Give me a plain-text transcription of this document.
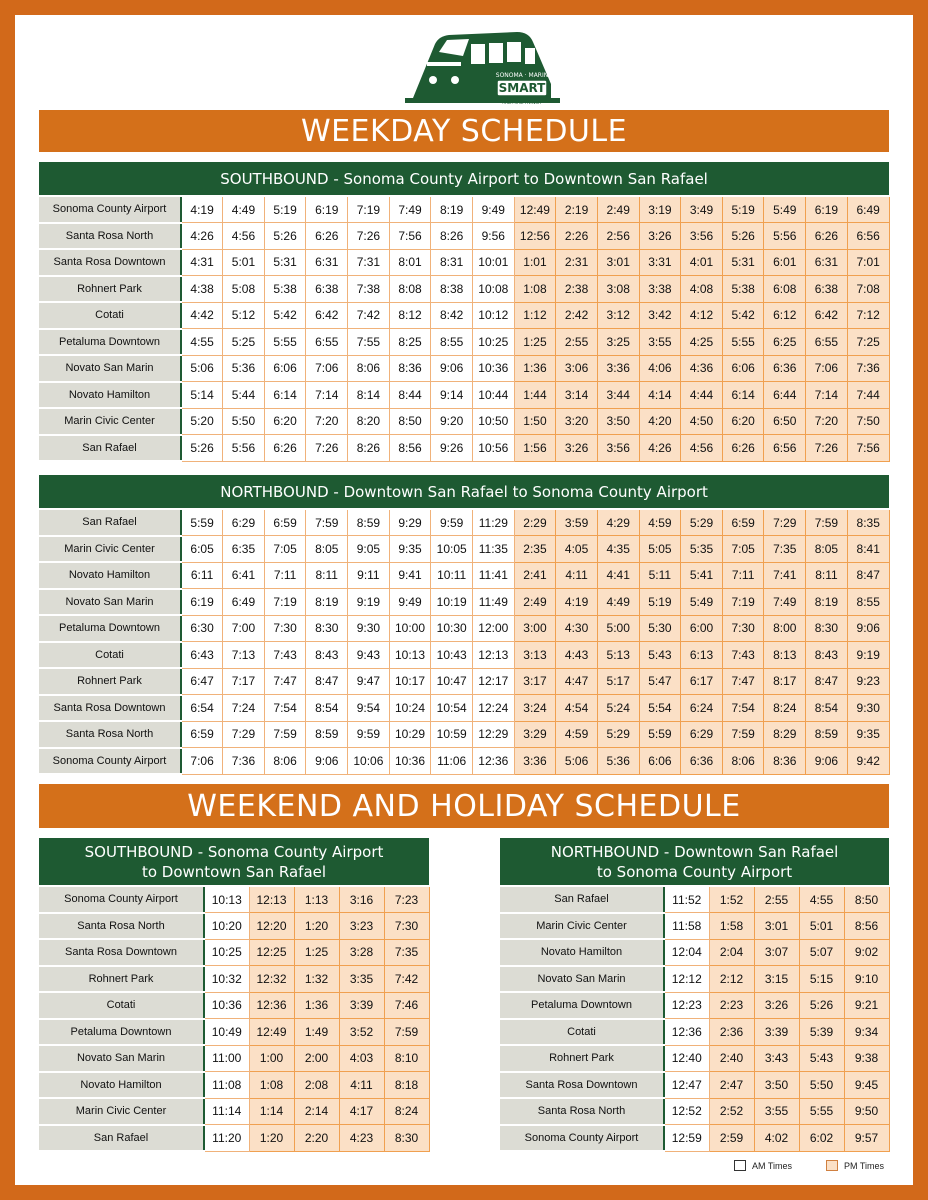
SONOMA · MARIN
SMART
AREA RAIL TRANSIT
WEEKDAY SCHEDULE
SOUTHBOUND - Sonoma County Airport to Downtown San Rafael																	
Sonoma County Airport	4:19	4:49	5:19	6:19	7:19	7:49	8:19	9:49	12:49	2:19	2:49	3:19	3:49	5:19	5:49	6:19	6:49
Santa Rosa North	4:26	4:56	5:26	6:26	7:26	7:56	8:26	9:56	12:56	2:26	2:56	3:26	3:56	5:26	5:56	6:26	6:56
Santa Rosa Downtown	4:31	5:01	5:31	6:31	7:31	8:01	8:31	10:01	1:01	2:31	3:01	3:31	4:01	5:31	6:01	6:31	7:01
Rohnert Park	4:38	5:08	5:38	6:38	7:38	8:08	8:38	10:08	1:08	2:38	3:08	3:38	4:08	5:38	6:08	6:38	7:08
Cotati	4:42	5:12	5:42	6:42	7:42	8:12	8:42	10:12	1:12	2:42	3:12	3:42	4:12	5:42	6:12	6:42	7:12
Petaluma Downtown	4:55	5:25	5:55	6:55	7:55	8:25	8:55	10:25	1:25	2:55	3:25	3:55	4:25	5:55	6:25	6:55	7:25
Novato San Marin	5:06	5:36	6:06	7:06	8:06	8:36	9:06	10:36	1:36	3:06	3:36	4:06	4:36	6:06	6:36	7:06	7:36
Novato Hamilton	5:14	5:44	6:14	7:14	8:14	8:44	9:14	10:44	1:44	3:14	3:44	4:14	4:44	6:14	6:44	7:14	7:44
Marin Civic Center	5:20	5:50	6:20	7:20	8:20	8:50	9:20	10:50	1:50	3:20	3:50	4:20	4:50	6:20	6:50	7:20	7:50
San Rafael	5:26	5:56	6:26	7:26	8:26	8:56	9:26	10:56	1:56	3:26	3:56	4:26	4:56	6:26	6:56	7:26	7:56
NORTHBOUND - Downtown San Rafael to Sonoma County Airport																	
San Rafael	5:59	6:29	6:59	7:59	8:59	9:29	9:59	11:29	2:29	3:59	4:29	4:59	5:29	6:59	7:29	7:59	8:35
Marin Civic Center	6:05	6:35	7:05	8:05	9:05	9:35	10:05	11:35	2:35	4:05	4:35	5:05	5:35	7:05	7:35	8:05	8:41
Novato Hamilton	6:11	6:41	7:11	8:11	9:11	9:41	10:11	11:41	2:41	4:11	4:41	5:11	5:41	7:11	7:41	8:11	8:47
Novato San Marin	6:19	6:49	7:19	8:19	9:19	9:49	10:19	11:49	2:49	4:19	4:49	5:19	5:49	7:19	7:49	8:19	8:55
Petaluma Downtown	6:30	7:00	7:30	8:30	9:30	10:00	10:30	12:00	3:00	4:30	5:00	5:30	6:00	7:30	8:00	8:30	9:06
Cotati	6:43	7:13	7:43	8:43	9:43	10:13	10:43	12:13	3:13	4:43	5:13	5:43	6:13	7:43	8:13	8:43	9:19
Rohnert Park	6:47	7:17	7:47	8:47	9:47	10:17	10:47	12:17	3:17	4:47	5:17	5:47	6:17	7:47	8:17	8:47	9:23
Santa Rosa Downtown	6:54	7:24	7:54	8:54	9:54	10:24	10:54	12:24	3:24	4:54	5:24	5:54	6:24	7:54	8:24	8:54	9:30
Santa Rosa North	6:59	7:29	7:59	8:59	9:59	10:29	10:59	12:29	3:29	4:59	5:29	5:59	6:29	7:59	8:29	8:59	9:35
Sonoma County Airport	7:06	7:36	8:06	9:06	10:06	10:36	11:06	12:36	3:36	5:06	5:36	6:06	6:36	8:06	8:36	9:06	9:42
WEEKEND AND HOLIDAY SCHEDULE
SOUTHBOUND - Sonoma County Airport
to Downtown San Rafael					

Sonoma County Airport	10:13	12:13	1:13	3:16	7:23
Santa Rosa North	10:20	12:20	1:20	3:23	7:30
Santa Rosa Downtown	10:25	12:25	1:25	3:28	7:35
Rohnert Park	10:32	12:32	1:32	3:35	7:42
Cotati	10:36	12:36	1:36	3:39	7:46
Petaluma Downtown	10:49	12:49	1:49	3:52	7:59
Novato San Marin	11:00	1:00	2:00	4:03	8:10
Novato Hamilton	11:08	1:08	2:08	4:11	8:18
Marin Civic Center	11:14	1:14	2:14	4:17	8:24
San Rafael	11:20	1:20	2:20	4:23	8:30
NORTHBOUND - Downtown San Rafael
to Sonoma County Airport					

San Rafael	11:52	1:52	2:55	4:55	8:50
Marin Civic Center	11:58	1:58	3:01	5:01	8:56
Novato Hamilton	12:04	2:04	3:07	5:07	9:02
Novato San Marin	12:12	2:12	3:15	5:15	9:10
Petaluma Downtown	12:23	2:23	3:26	5:26	9:21
Cotati	12:36	2:36	3:39	5:39	9:34
Rohnert Park	12:40	2:40	3:43	5:43	9:38
Santa Rosa Downtown	12:47	2:47	3:50	5:50	9:45
Santa Rosa North	12:52	2:52	3:55	5:55	9:50
Sonoma County Airport	12:59	2:59	4:02	6:02	9:57
AM Times	PM Times
